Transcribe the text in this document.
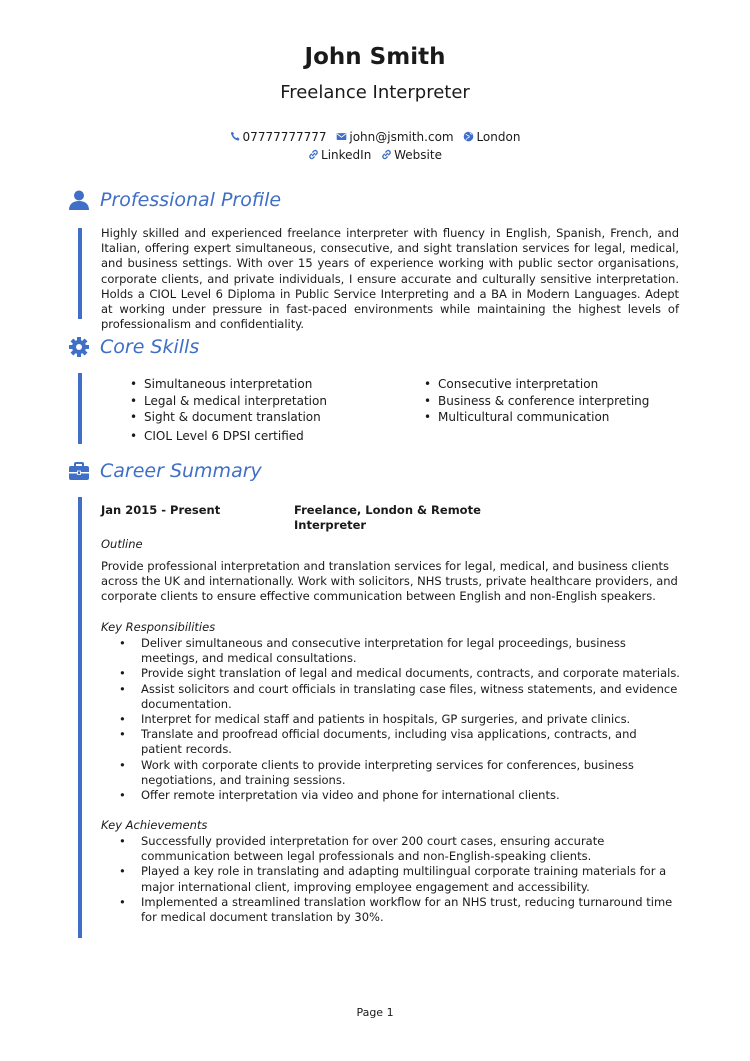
John Smith
Freelance Interpreter
07777777777 john@jsmith.com London
LinkedIn Website
Professional Profile
Highly skilled and experienced freelance interpreter with fluency in English, Spanish, French, and Italian, offering expert simultaneous, consecutive, and sight translation services for legal, medical, and business settings. With over 15 years of experience working with public sector organisations, corporate clients, and private individuals, I ensure accurate and culturally sensitive interpretation. Holds a CIOL Level 6 Diploma in Public Service Interpreting and a BA in Modern Languages. Adept at working under pressure in fast-paced environments while maintaining the highest levels of professionalism and confidentiality.
Core Skills
• Simultaneous interpretation	• Consecutive interpretation
• Legal & medical interpretation	• Business & conference interpreting
• Sight & document translation	• Multicultural communication
• CIOL Level 6 DPSI certified
Career Summary
Jan 2015 - Present	Freelance, London & Remote Interpreter
Outline
Provide professional interpretation and translation services for legal, medical, and business clients across the UK and internationally. Work with solicitors, NHS trusts, private healthcare providers, and corporate clients to ensure effective communication between English and non-English speakers.
Key Responsibilities
• Deliver simultaneous and consecutive interpretation for legal proceedings, business meetings, and medical consultations.
• Provide sight translation of legal and medical documents, contracts, and corporate materials.
• Assist solicitors and court officials in translating case files, witness statements, and evidence documentation.
• Interpret for medical staff and patients in hospitals, GP surgeries, and private clinics.
• Translate and proofread official documents, including visa applications, contracts, and patient records.
• Work with corporate clients to provide interpreting services for conferences, business negotiations, and training sessions.
• Offer remote interpretation via video and phone for international clients.
Key Achievements
• Successfully provided interpretation for over 200 court cases, ensuring accurate communication between legal professionals and non-English-speaking clients.
• Played a key role in translating and adapting multilingual corporate training materials for a major international client, improving employee engagement and accessibility.
• Implemented a streamlined translation workflow for an NHS trust, reducing turnaround time for medical document translation by 30%.
Page 1
